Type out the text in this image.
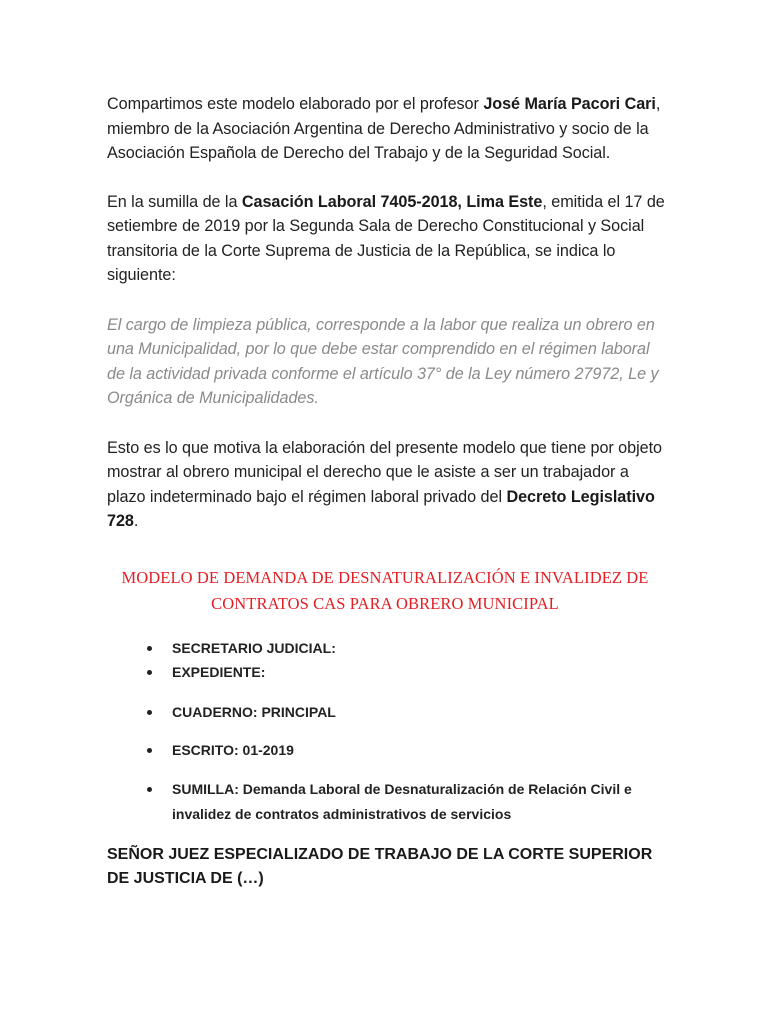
Compartimos este modelo elaborado por el profesor José María Pacori Cari, miembro de la Asociación Argentina de Derecho Administrativo y socio de la Asociación Española de Derecho del Trabajo y de la Seguridad Social.

En la sumilla de la Casación Laboral 7405-2018, Lima Este, emitida el 17 de setiembre de 2019 por la Segunda Sala de Derecho Constitucional y Social transitoria de la Corte Suprema de Justicia de la República, se indica lo siguiente:

El cargo de limpieza pública, corresponde a la labor que realiza un obrero en una Municipalidad, por lo que debe estar comprendido en el régimen laboral de la actividad privada conforme el artículo 37° de la Ley número 27972, Le y Orgánica de Municipalidades.

Esto es lo que motiva la elaboración del presente modelo que tiene por objeto mostrar al obrero municipal el derecho que le asiste a ser un trabajador a plazo indeterminado bajo el régimen laboral privado del Decreto Legislativo 728.

MODELO DE DEMANDA DE DESNATURALIZACIÓN E INVALIDEZ DE
CONTRATOS CAS PARA OBRERO MUNICIPAL
SECRETARIO JUDICIAL:
EXPEDIENTE:
CUADERNO: PRINCIPAL
ESCRITO: 01-2019
SUMILLA: Demanda Laboral de Desnaturalización de Relación Civil e invalidez de contratos administrativos de servicios
SEÑOR JUEZ ESPECIALIZADO DE TRABAJO DE LA CORTE SUPERIOR DE JUSTICIA DE (…)
